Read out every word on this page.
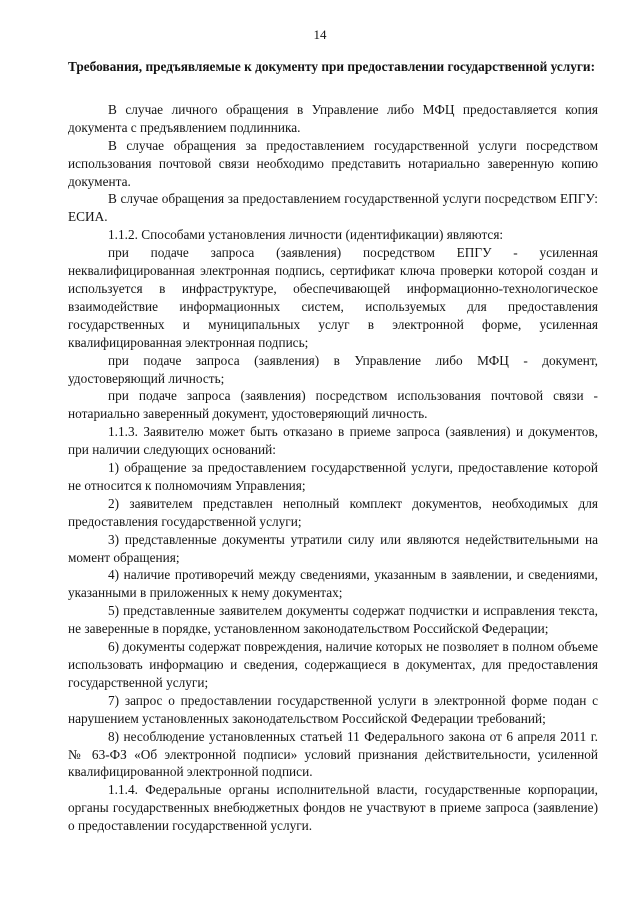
14

Требования, предъявляемые к документу при предоставлении государственной услуги:

В случае личного обращения в Управление либо МФЦ предоставляется копия документа с предъявлением подлинника.

В случае обращения за предоставлением государственной услуги посредством использования почтовой связи необходимо представить нотариально заверенную копию документа.

В случае обращения за предоставлением государственной услуги посредством ЕПГУ: ЕСИА.

1.1.2. Способами установления личности (идентификации) являются:

при подаче запроса (заявления) посредством ЕПГУ - усиленная неквалифицированная электронная подпись, сертификат ключа проверки которой создан и используется в инфраструктуре, обеспечивающей информационно-технологическое взаимодействие информационных систем, используемых для предоставления государственных и муниципальных услуг в электронной форме, усиленная квалифицированная электронная подпись;

при подаче запроса (заявления) в Управление либо МФЦ - документ, удостоверяющий личность;

при подаче запроса (заявления) посредством использования почтовой связи - нотариально заверенный документ, удостоверяющий личность.

1.1.3. Заявителю может быть отказано в приеме запроса (заявления) и документов, при наличии следующих оснований:

1) обращение за предоставлением государственной услуги, предоставление которой не относится к полномочиям Управления;

2) заявителем представлен неполный комплект документов, необходимых для предоставления государственной услуги;

3) представленные документы утратили силу или являются недействительными на момент обращения;

4) наличие противоречий между сведениями, указанным в заявлении, и сведениями, указанными в приложенных к нему документах;

5) представленные заявителем документы содержат подчистки и исправления текста, не заверенные в порядке, установленном законодательством Российской Федерации;

6) документы содержат повреждения, наличие которых не позволяет в полном объеме использовать информацию и сведения, содержащиеся в документах, для предоставления государственной услуги;

7) запрос о предоставлении государственной услуги в электронной форме подан с нарушением установленных законодательством Российской Федерации требований;

8) несоблюдение установленных статьей 11 Федерального закона от 6 апреля 2011 г. № 63-ФЗ «Об электронной подписи» условий признания действительности, усиленной квалифицированной электронной подписи.

1.1.4. Федеральные органы исполнительной власти, государственные корпорации, органы государственных внебюджетных фондов не участвуют в приеме запроса (заявление) о предоставлении государственной услуги.
